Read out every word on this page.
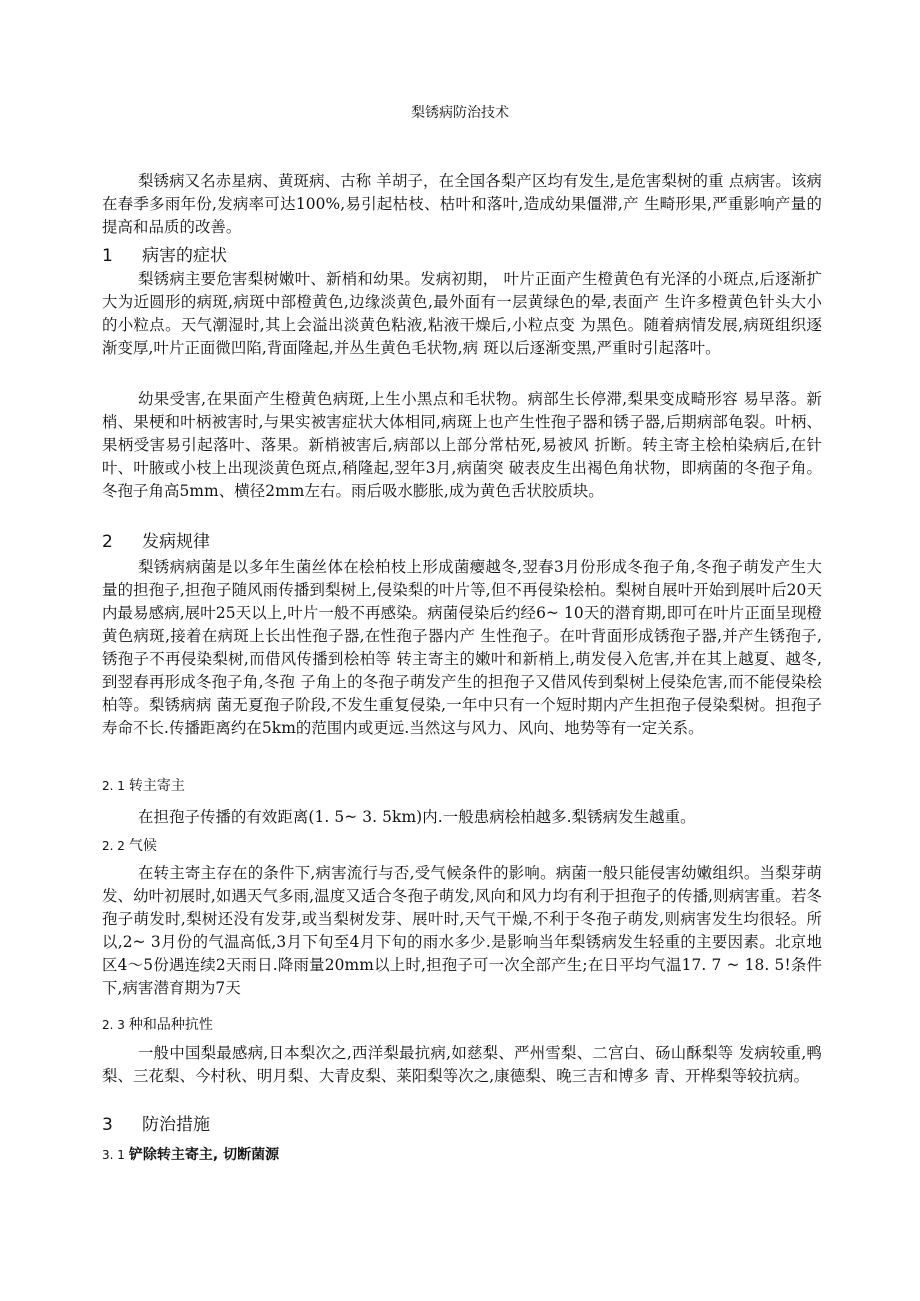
梨锈病防治技术

梨锈病又名赤星病、黄斑病、古称 羊胡子，在全国各梨产区均有发生,是危害梨树的重 点病害。该病在春季多雨年份,发病率可达100%,易引起枯枝、枯叶和落叶,造成幼果僵滞,产 生畸形果,严重影响产量的提高和品质的改善。

1 病害的症状

梨锈病主要危害梨树嫩叶、新梢和幼果。发病初期， 叶片正面产生橙黄色有光泽的小斑点,后逐渐扩大为近圆形的病斑,病斑中部橙黄色,边缘淡黄色,最外面有一层黄绿色的晕,表面产 生许多橙黄色针头大小的小粒点。天气潮湿时,其上会溢出淡黄色粘液,粘液干燥后,小粒点变 为黑色。随着病情发展,病斑组织逐渐变厚,叶片正面微凹陷,背面隆起,并丛生黄色毛状物,病 斑以后逐渐变黑,严重时引起落叶。

幼果受害,在果面产生橙黄色病斑,上生小黑点和毛状物。病部生长停滞,梨果变成畸形容 易早落。新梢、果梗和叶柄被害时,与果实被害症状大体相同,病斑上也产生性孢子器和锈子器,后期病部龟裂。叶柄、果柄受害易引起落叶、落果。新梢被害后,病部以上部分常枯死,易被风 折断。转主寄主桧柏染病后,在针叶、叶腋或小枝上出现淡黄色斑点,稍隆起,翌年3月,病菌突 破表皮生出褐色角状物，即病菌的冬孢子角。冬孢子角高5mm、横径2mm左右。雨后吸水膨胀,成为黄色舌状胶质块。

2 发病规律

梨锈病病菌是以多年生菌丝体在桧柏枝上形成菌瘿越冬,翌春3月份形成冬孢子角,冬孢子萌发产生大量的担孢子,担孢子随风雨传播到梨树上,侵染梨的叶片等,但不再侵染桧柏。梨树自展叶开始到展叶后20天内最易感病,展叶25天以上,叶片一般不再感染。病菌侵染后约经6~ 10天的潜育期,即可在叶片正面呈现橙黄色病斑,接着在病斑上长出性孢子器,在性孢子器内产 生性孢子。在叶背面形成锈孢子器,并产生锈孢子,锈孢子不再侵染梨树,而借风传播到桧柏等 转主寄主的嫩叶和新梢上,萌发侵入危害,并在其上越夏、越冬,到翌春再形成冬孢子角,冬孢 子角上的冬孢子萌发产生的担孢子又借风传到梨树上侵染危害,而不能侵染桧柏等。梨锈病病 菌无夏孢子阶段,不发生重复侵染,一年中只有一个短时期内产生担孢子侵染梨树。担孢子寿命不长.传播距离约在5km的范围内或更远.当然这与风力、风向、地势等有一定关系。

2. 1 转主寄主

在担孢子传播的有效距离(1. 5~ 3. 5km)内.一般患病桧柏越多.梨锈病发生越重。

2. 2 气候

在转主寄主存在的条件下,病害流行与否,受气候条件的影响。病菌一般只能侵害幼嫩组织。当梨芽萌发、幼叶初展时,如遇天气多雨,温度又适合冬孢子萌发,风向和风力均有利于担孢子的传播,则病害重。若冬孢子萌发时,梨树还没有发芽,或当梨树发芽、展叶时,天气干燥,不利于冬孢子萌发,则病害发生均很轻。所以,2~ 3月份的气温高低,3月下旬至4月下旬的雨水多少.是影响当年梨锈病发生轻重的主要因素。北京地区4〜5份遇连续2天雨日.降雨量20mm以上时,担孢子可一次全部产生;在日平均气温17. 7 ~ 18. 5!条件下,病害潜育期为7天

2. 3 种和品种抗性

一般中国梨最感病,日本梨次之,西洋梨最抗病,如慈梨、严州雪梨、二宫白、砀山酥梨等 发病较重,鸭梨、三花梨、今村秋、明月梨、大青皮梨、莱阳梨等次之,康德梨、晚三吉和博多 青、开桦梨等较抗病。

3 防治措施
3. 1 铲除转主寄主, 切断菌源
